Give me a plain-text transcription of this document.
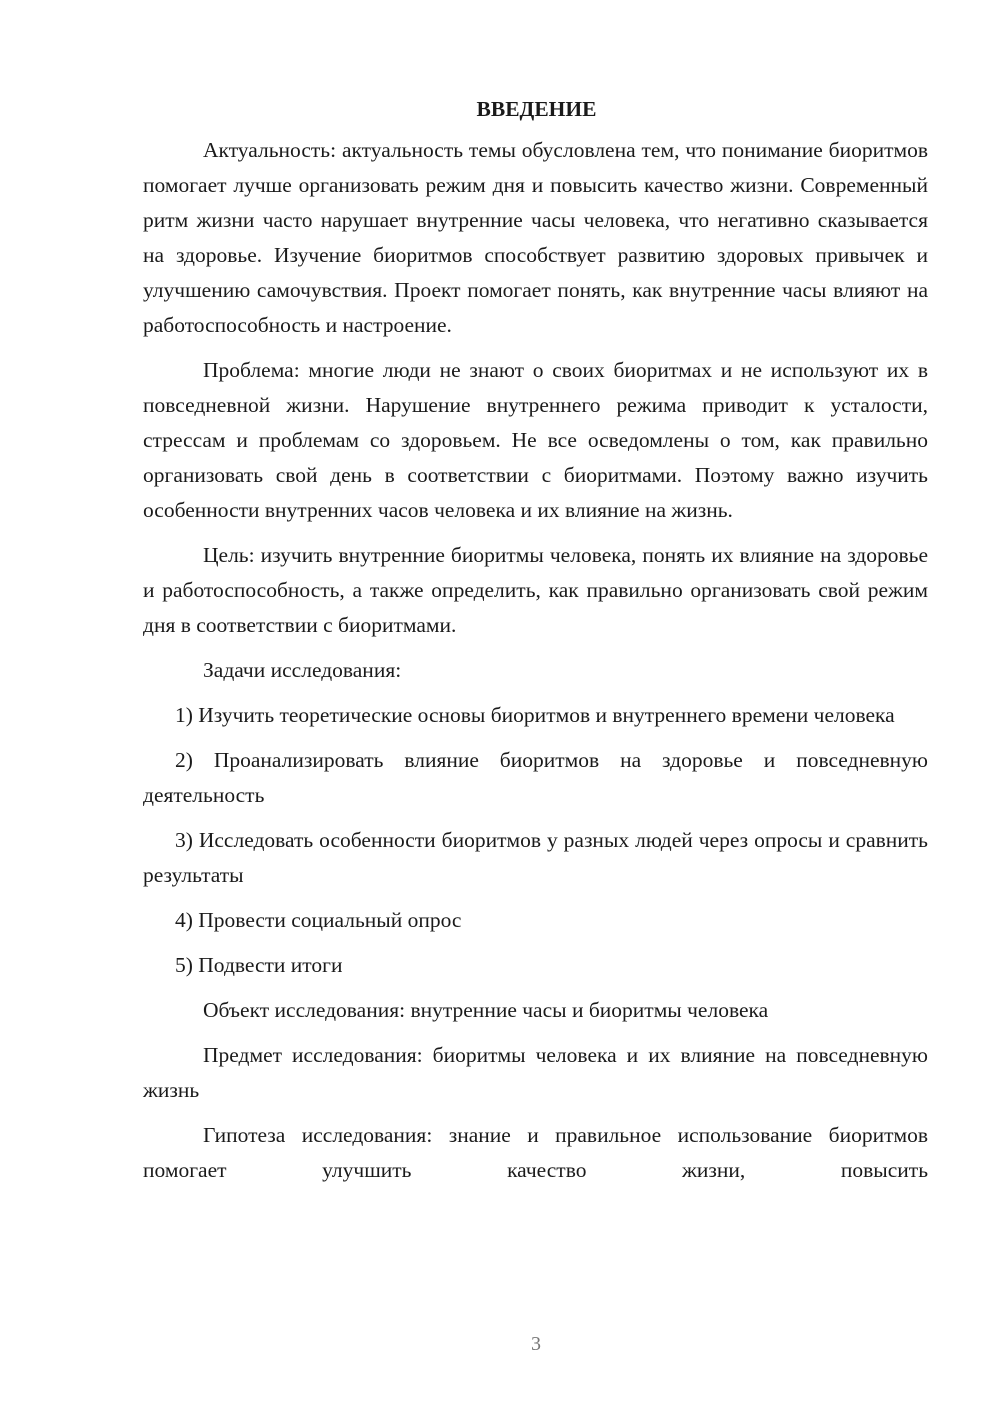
ВВЕДЕНИЕ

Актуальность: актуальность темы обусловлена тем, что понимание биоритмов помогает лучше организовать режим дня и повысить качество жизни. Современный ритм жизни часто нарушает внутренние часы человека, что негативно сказывается на здоровье. Изучение биоритмов способствует развитию здоровых привычек и улучшению самочувствия. Проект помогает понять, как внутренние часы влияют на работоспособность и настроение.

Проблема: многие люди не знают о своих биоритмах и не используют их в повседневной жизни. Нарушение внутреннего режима приводит к усталости, стрессам и проблемам со здоровьем. Не все осведомлены о том, как правильно организовать свой день в соответствии с биоритмами. Поэтому важно изучить особенности внутренних часов человека и их влияние на жизнь.

Цель: изучить внутренние биоритмы человека, понять их влияние на здоровье и работоспособность, а также определить, как правильно организовать свой режим дня в соответствии с биоритмами.

Задачи исследования:

1) Изучить теоретические основы биоритмов и внутреннего времени человека

2) Проанализировать влияние биоритмов на здоровье и повседневную деятельность

3) Исследовать особенности биоритмов у разных людей через опросы и сравнить результаты

4) Провести социальный опрос

5) Подвести итоги

Объект исследования: внутренние часы и биоритмы человека

Предмет исследования: биоритмы человека и их влияние на повседневную жизнь

Гипотеза исследования: знание и правильное использование биоритмов помогает улучшить качество жизни, повысить

3
